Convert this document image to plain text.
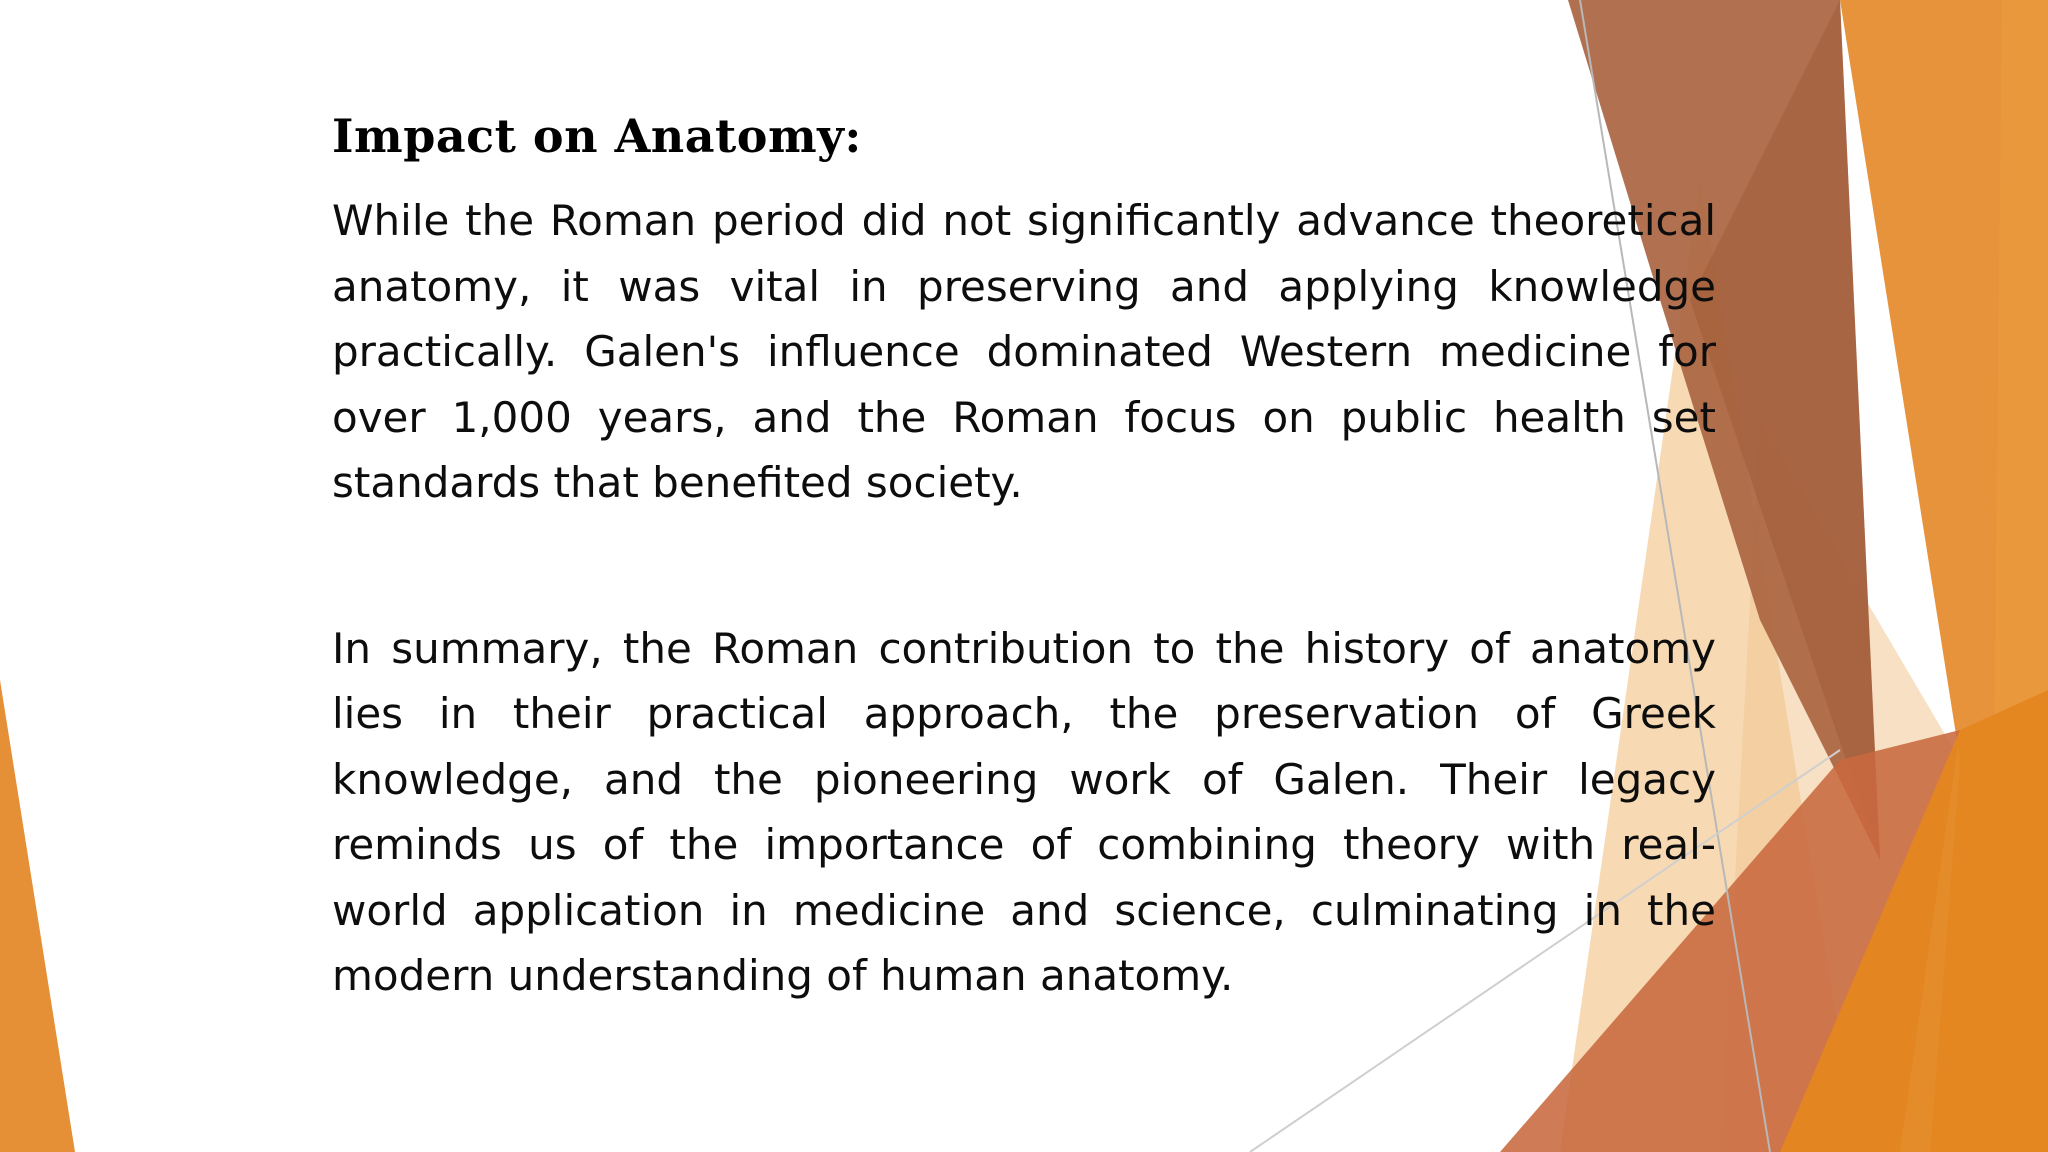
Impact on Anatomy:

While the Roman period did not significantly advance theoretical anatomy, it was vital in preserving and applying knowledge practically. Galen's influence dominated Western medicine for over 1,000 years, and the Roman focus on public health set standards that benefited society.

In summary, the Roman contribution to the history of anatomy lies in their practical approach, the preservation of Greek knowledge, and the pioneering work of Galen. Their legacy reminds us of the importance of combining theory with real-world application in medicine and science, culminating in the modern understanding of human anatomy.
